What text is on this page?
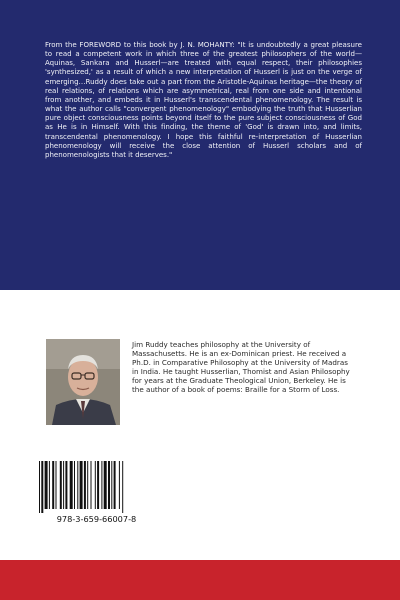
From the FOREWORD to this book by J. N. MOHANTY: "It is undoubtedly a great pleasure to read a competent work in which three of the greatest philosophers of the world—Aquinas, Sankara and Husserl—are treated with equal respect, their philosophies 'synthesized,' as a result of which a new interpretation of Husserl is just on the verge of emerging…Ruddy does take out a part from the Aristotle-Aquinas heritage—the theory of real relations, of relations which are asymmetrical, real from one side and intentional from another, and embeds it in Husserl's transcendental phenomenology. The result is what the author calls "convergent phenomenology" embodying the truth that Husserlian pure object consciousness points beyond itself to the pure subject consciousness of God as He is in Himself. With this finding, the theme of 'God' is drawn into, and limits, transcendental phenomenology. I hope this faithful re-interpretation of Husserlian phenomenology will receive the close attention of Husserl scholars and of phenomenologists that it deserves."

Jim Ruddy teaches philosophy at the University of Massachusetts. He is an ex-Dominican priest. He received a Ph.D. in Comparative Philosophy at the University of Madras in India. He taught Husserlian, Thomist and Asian Philosophy for years at the Graduate Theological Union, Berkeley. He is the author of a book of poems: Braille for a Storm of Loss.

978-3-659-66007-8
